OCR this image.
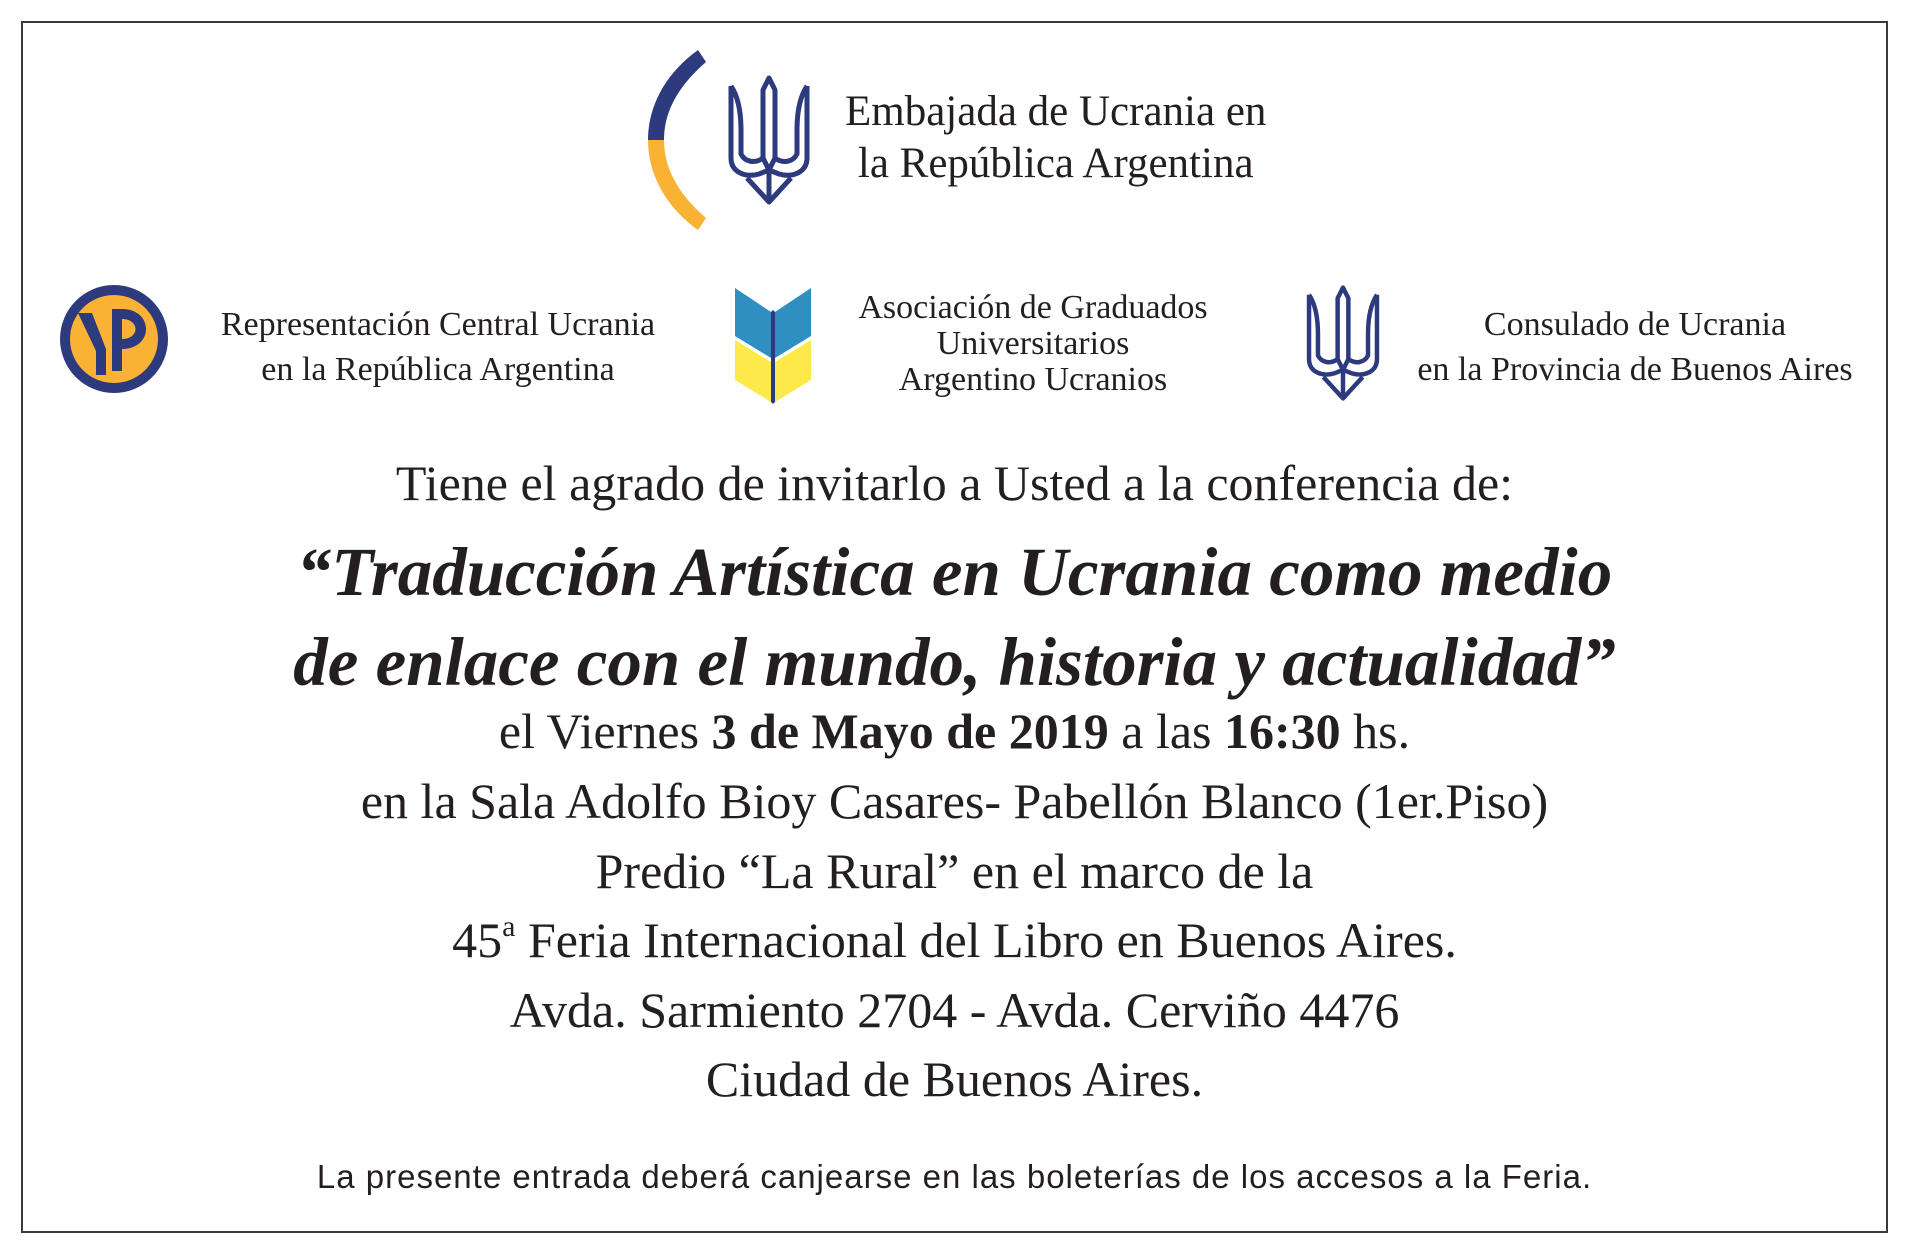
Embajada de Ucrania en
la República Argentina
Representación Central Ucrania
en la República Argentina
Asociación de Graduados
Universitarios
Argentino Ucranios
Consulado de Ucrania
en la Provincia de Buenos Aires
Tiene el agrado de invitarlo a Usted a la conferencia de:
“Traducción Artística en Ucrania como medio
de enlace con el mundo, historia y actualidad”
el Viernes 3 de Mayo de 2019 a las 16:30 hs.
en la Sala Adolfo Bioy Casares- Pabellón Blanco (1er.Piso)
Predio “La Rural” en el marco de la
45$^a$ Feria Internacional del Libro en Buenos Aires.
Avda. Sarmiento 2704 - Avda. Cerviño 4476
Ciudad de Buenos Aires.
La presente entrada deberá canjearse en las boleterías de los accesos a la Feria.
